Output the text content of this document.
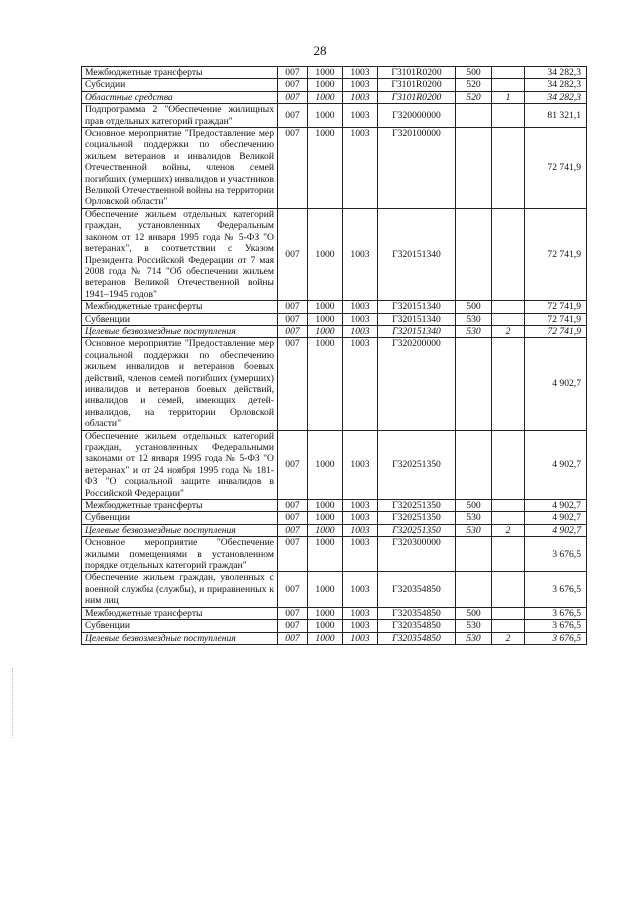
28
Межбюджетные трансферты	007	1000	1003	Г3101R0200	500		34 282,3
Субсидии	007	1000	1003	Г3101R0200	520		34 282,3
Областные средства	007	1000	1003	Г3101R0200	520	1	34 282,3
Подпрограмма 2 "Обеспечение жилищных прав отдельных категорий граждан"	007	1000	1003	Г320000000			81 321,1
Основное мероприятие "Предоставление мер социальной поддержки по обеспечению жильем ветеранов и инвалидов Великой Отечественной войны, членов семей погибших (умерших) инвалидов и участников Великой Отечественной войны на территории Орловской области"	007	1000	1003	Г320100000			72 741,9
Обеспечение жильем отдельных категорий граждан, установленных Федеральным законом от 12 января 1995 года № 5-ФЗ "О ветеранах", в соответствии с Указом Президента Российской Федерации от 7 мая 2008 года № 714 "Об обеспечении жильем ветеранов Великой Отечественной войны 1941–1945 годов"	007	1000	1003	Г320151340			72 741,9
Межбюджетные трансферты	007	1000	1003	Г320151340	500		72 741,9
Субвенции	007	1000	1003	Г320151340	530		72 741,9
Целевые безвозмездные поступления	007	1000	1003	Г320151340	530	2	72 741,9
Основное мероприятие "Предоставление мер социальной поддержки по обеспечению жильем инвалидов и ветеранов боевых действий, членов семей погибших (умерших) инвалидов и ветеранов боевых действий, инвалидов и семей, имеющих детей-инвалидов, на территории Орловской области"	007	1000	1003	Г320200000			4 902,7
Обеспечение жильем отдельных категорий граждан, установленных Федеральными законами от 12 января 1995 года № 5-ФЗ "О ветеранах" и от 24 ноября 1995 года № 181-ФЗ "О социальной защите инвалидов в Российской Федерации"	007	1000	1003	Г320251350			4 902,7
Межбюджетные трансферты	007	1000	1003	Г320251350	500		4 902,7
Субвенции	007	1000	1003	Г320251350	530		4 902,7
Целевые безвозмездные поступления	007	1000	1003	Г320251350	530	2	4 902,7
Основное мероприятие "Обеспечение жилыми помещениями в установленном порядке отдельных категорий граждан"	007	1000	1003	Г320300000			3 676,5
Обеспечение жильем граждан, уволенных с военной службы (службы), и приравненных к ним лиц	007	1000	1003	Г320354850			3 676,5
Межбюджетные трансферты	007	1000	1003	Г320354850	500		3 676,5
Субвенции	007	1000	1003	Г320354850	530		3 676,5
Целевые безвозмездные поступления	007	1000	1003	Г320354850	530	2	3 676,5
